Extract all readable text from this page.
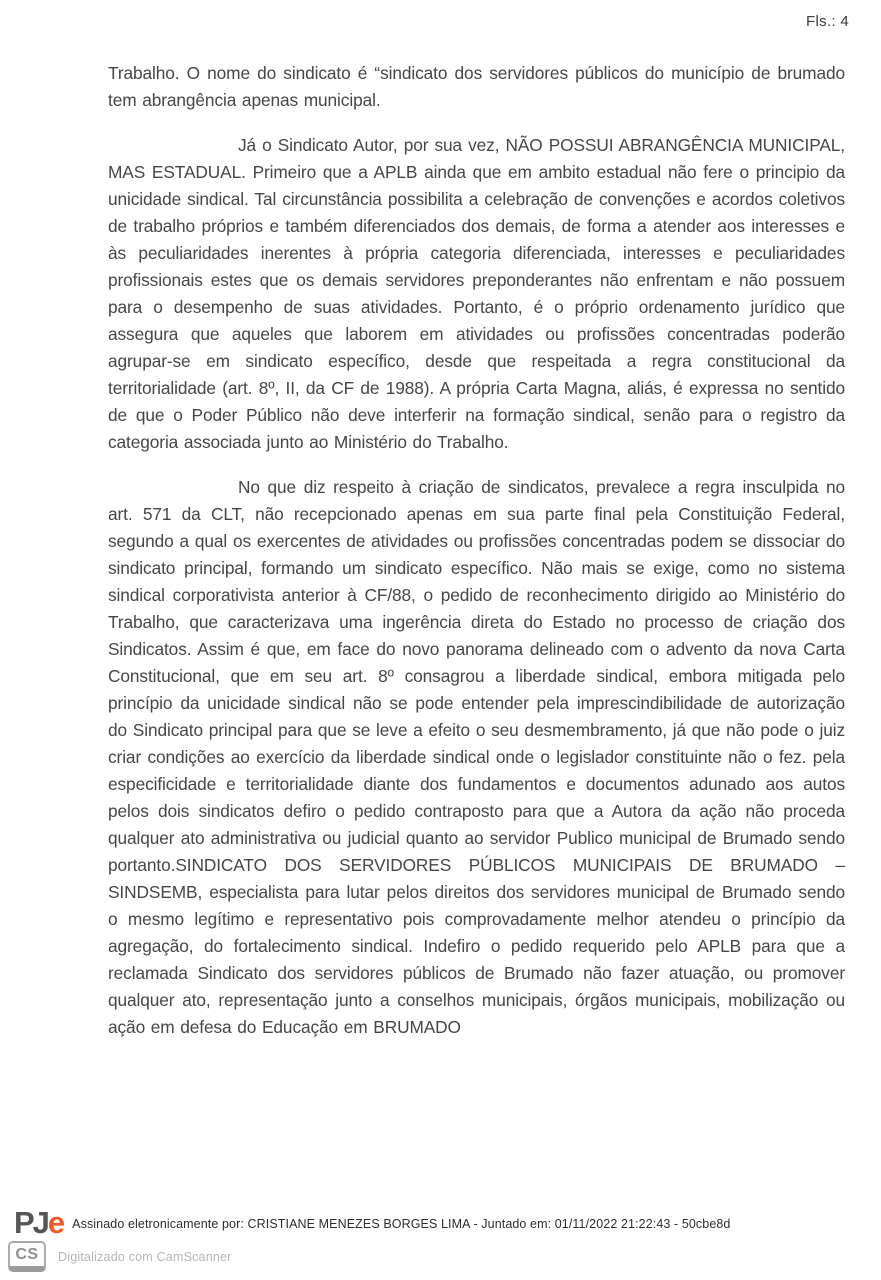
Fls.: 4

Trabalho. O nome do sindicato é “sindicato dos servidores públicos do município de brumado tem abrangência apenas municipal.

Já o Sindicato Autor, por sua vez, NÃO POSSUI ABRANGÊNCIA MUNICIPAL, MAS ESTADUAL. Primeiro que a APLB ainda que em ambito estadual não fere o principio da unicidade sindical. Tal circunstância possibilita a celebração de convenções e acordos coletivos de trabalho próprios e também diferenciados dos demais, de forma a atender aos interesses e às peculiaridades inerentes à própria categoria diferenciada, interesses e peculiaridades profissionais estes que os demais servidores preponderantes não enfrentam e não possuem para o desempenho de suas atividades. Portanto, é o próprio ordenamento jurídico que assegura que aqueles que laborem em atividades ou profissões concentradas poderão agrupar-se em sindicato específico, desde que respeitada a regra constitucional da territorialidade (art. 8º, II, da CF de 1988). A própria Carta Magna, aliás, é expressa no sentido de que o Poder Público não deve interferir na formação sindical, senão para o registro da categoria associada junto ao Ministério do Trabalho.

No que diz respeito à criação de sindicatos, prevalece a regra insculpida no art. 571 da CLT, não recepcionado apenas em sua parte final pela Constituição Federal, segundo a qual os exercentes de atividades ou profissões concentradas podem se dissociar do sindicato principal, formando um sindicato específico. Não mais se exige, como no sistema sindical corporativista anterior à CF/88, o pedido de reconhecimento dirigido ao Ministério do Trabalho, que caracterizava uma ingerência direta do Estado no processo de criação dos Sindicatos. Assim é que, em face do novo panorama delineado com o advento da nova Carta Constitucional, que em seu art. 8º consagrou a liberdade sindical, embora mitigada pelo princípio da unicidade sindical não se pode entender pela imprescindibilidade de autorização do Sindicato principal para que se leve a efeito o seu desmembramento, já que não pode o juiz criar condições ao exercício da liberdade sindical onde o legislador constituinte não o fez. pela especificidade e territorialidade diante dos fundamentos e documentos adunado aos autos pelos dois sindicatos defiro o pedido contraposto para que a Autora da ação não proceda qualquer ato administrativa ou judicial quanto ao servidor Publico municipal de Brumado sendo portanto.SINDICATO DOS SERVIDORES PÚBLICOS MUNICIPAIS DE BRUMADO –SINDSEMB, especialista para lutar pelos direitos dos servidores municipal de Brumado sendo o mesmo legítimo e representativo pois comprovadamente melhor atendeu o princípio da agregação, do fortalecimento sindical. Indefiro o pedido requerido pelo APLB para que a reclamada Sindicato dos servidores públicos de Brumado não fazer atuação, ou promover qualquer ato, representação junto a conselhos municipais, órgãos municipais, mobilização ou ação em defesa do Educação em BRUMADO

PJe Assinado eletronicamente por: CRISTIANE MENEZES BORGES LIMA - Juntado em: 01/11/2022 21:22:43 - 50cbe8d
CS	Digitalizado com CamScanner
